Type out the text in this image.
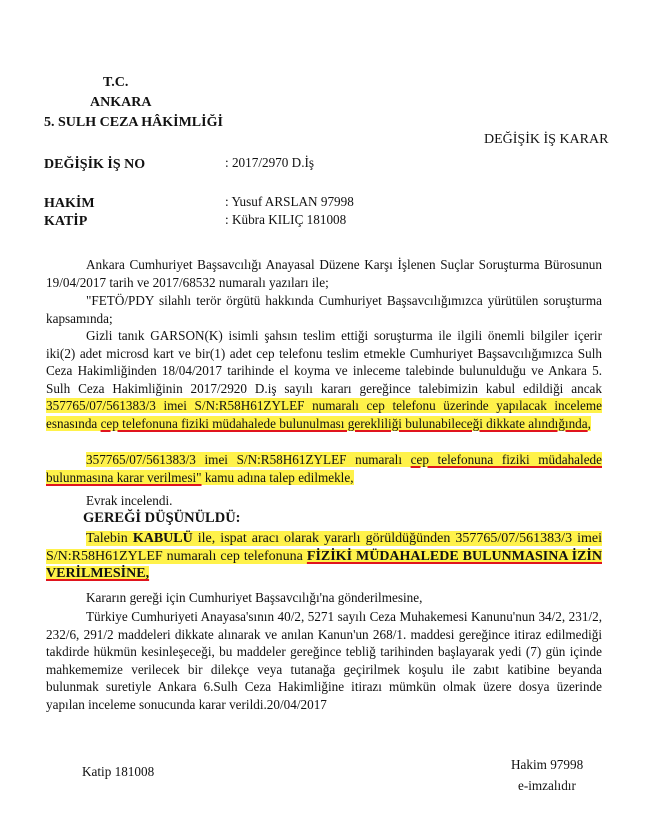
T.C.
ANKARA
5. SULH CEZA HÂKİMLİĞİ
DEĞİŞİK İŞ KARAR
DEĞİŞİK İŞ NO	: 2017/2970 D.İş
HAKİM	: Yusuf ARSLAN 97998
KATİP	: Kübra KILIÇ 181008

Ankara Cumhuriyet Başsavcılığı Anayasal Düzene Karşı İşlenen Suçlar Soruşturma Bürosunun 19/04/2017 tarih ve 2017/68532 numaralı yazıları ile;

"FETÖ/PDY silahlı terör örgütü hakkında Cumhuriyet Başsavcılığımızca yürütülen soruşturma kapsamında;

Gizli tanık GARSON(K) isimli şahsın teslim ettiği soruşturma ile ilgili önemli bilgiler içerir iki(2) adet microsd kart ve bir(1) adet cep telefonu teslim etmekle Cumhuriyet Başsavcılığımızca Sulh Ceza Hakimliğinden 18/04/2017 tarihinde el koyma ve inleceme talebinde bulunulduğu ve Ankara 5. Sulh Ceza Hakimliğinin 2017/2920 D.iş sayılı kararı gereğince talebimizin kabul edildiği ancak 357765/07/561383/3 imei S/N:R58H61ZYLEF numaralı cep telefonu üzerinde yapılacak inceleme esnasında cep telefonuna fiziki müdahalede bulunulması gerekliliği bulunabileceği dikkate alındığında,

357765/07/561383/3 imei S/N:R58H61ZYLEF numaralı cep telefonuna fiziki müdahalede bulunmasına karar verilmesi" kamu adına talep edilmekle,

Evrak incelendi.

GEREĞİ DÜŞÜNÜLDÜ:

Talebin KABULÜ ile, ispat aracı olarak yararlı görüldüğünden 357765/07/561383/3 imei S/N:R58H61ZYLEF numaralı cep telefonuna FİZİKİ MÜDAHALEDE BULUNMASINA İZİN VERİLMESİNE,

Kararın gereği için Cumhuriyet Başsavcılığı'na gönderilmesine,

Türkiye Cumhuriyeti Anayasa'sının 40/2, 5271 sayılı Ceza Muhakemesi Kanunu'nun 34/2, 231/2, 232/6, 291/2 maddeleri dikkate alınarak ve anılan Kanun'un 268/1. maddesi gereğince itiraz edilmediği takdirde hükmün kesinleşeceği, bu maddeler gereğince tebliğ tarihinden başlayarak yedi (7) gün içinde mahkememize verilecek bir dilekçe veya tutanağa geçirilmek koşulu ile zabıt katibine beyanda bulunmak suretiyle Ankara 6.Sulh Ceza Hakimliğine itirazı mümkün olmak üzere dosya üzerinde yapılan inceleme sonucunda karar verildi.20/04/2017

Katip 181008	Hakim 97998
e-imzalıdır
